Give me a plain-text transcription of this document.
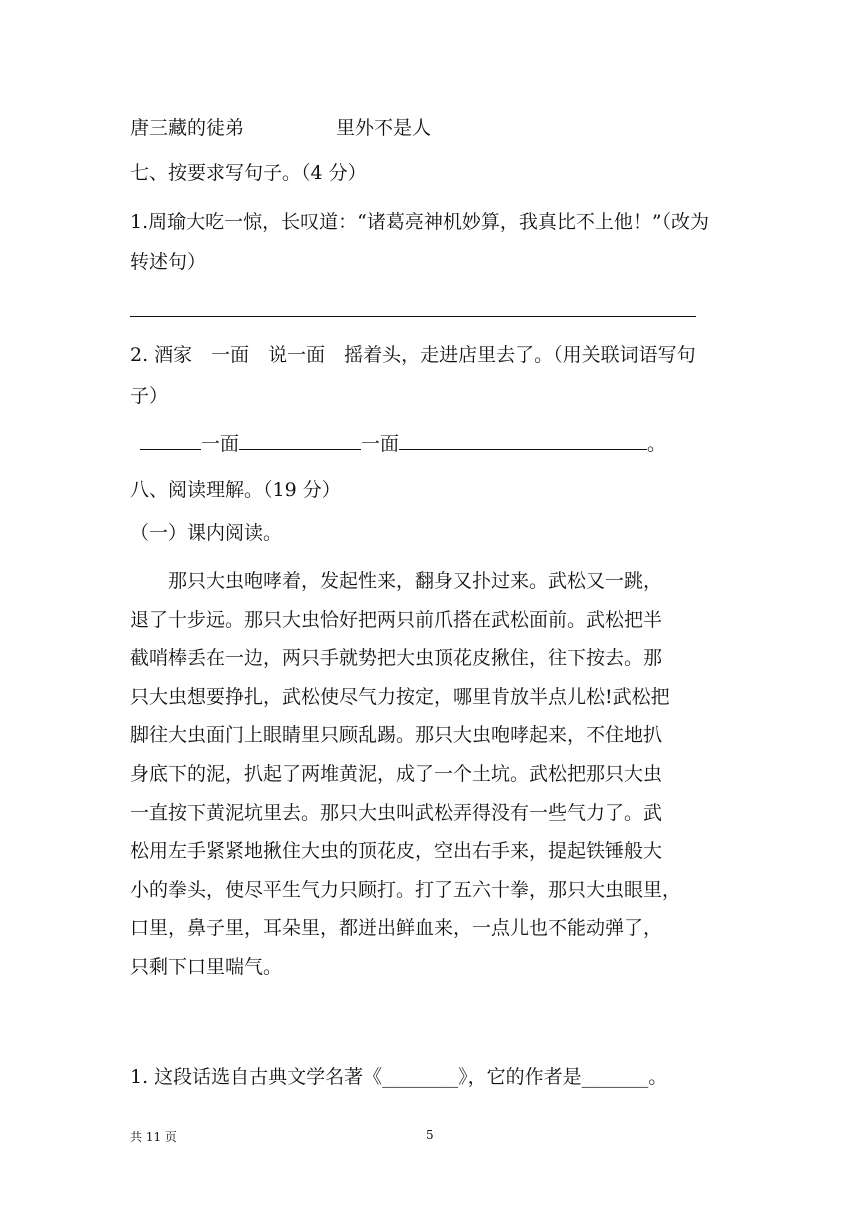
唐三藏的徒弟	里外不是人
七、按要求写句子。（4 分）
1.周瑜大吃一惊，长叹道：“诸葛亮神机妙算，我真比不上他！”（改为
转述句）
2. 酒家　一面　说一面　摇着头，走进店里去了。（用关联词语写句
子）
一面	一面	。
八、阅读理解。（19 分）
（一）课内阅读。

　　那只大虫咆哮着，发起性来，翻身又扑过来。武松又一跳，

退了十步远。那只大虫恰好把两只前爪搭在武松面前。武松把半

截哨棒丢在一边，两只手就势把大虫顶花皮揪住，往下按去。那

只大虫想要挣扎，武松使尽气力按定，哪里肯放半点儿松!武松把

脚往大虫面门上眼睛里只顾乱踢。那只大虫咆哮起来，不住地扒

身底下的泥，扒起了两堆黄泥，成了一个土坑。武松把那只大虫

一直按下黄泥坑里去。那只大虫叫武松弄得没有一些气力了。武

松用左手紧紧地揪住大虫的顶花皮，空出右手来，提起铁锤般大

小的拳头，使尽平生气力只顾打。打了五六十拳，那只大虫眼里，

口里，鼻子里，耳朵里，都迸出鲜血来，一点儿也不能动弹了，

只剩下口里喘气。

1. 这段话选自古典文学名著《________》，它的作者是_______。
共 11 页	5
